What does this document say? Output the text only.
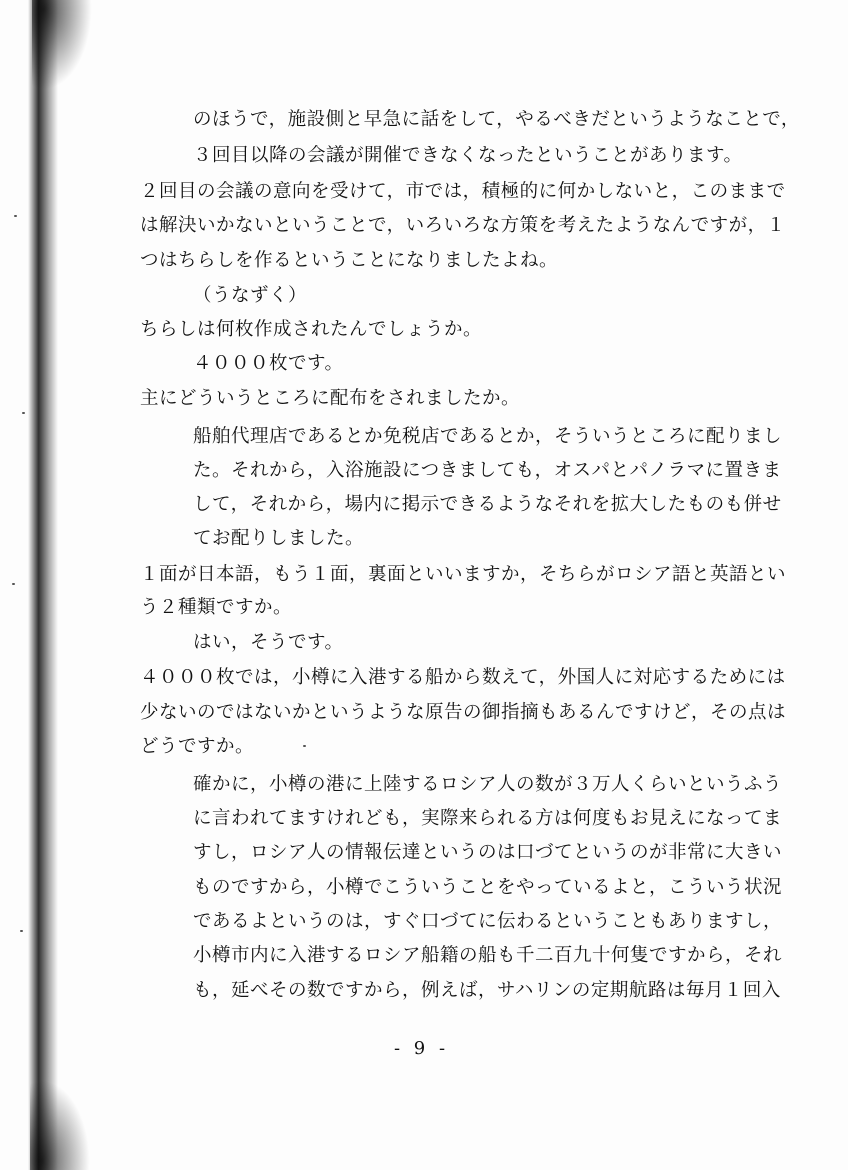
のほうで，施設側と早急に話をして，やるべきだというようなことで，
３回目以降の会議が開催できなくなったということがあります。
２回目の会議の意向を受けて，市では，積極的に何かしないと，このままで
は解決いかないということで，いろいろな方策を考えたようなんですが，１
つはちらしを作るということになりましたよね。
（うなずく）
ちらしは何枚作成されたんでしょうか。
４０００枚です。
主にどういうところに配布をされましたか。
船舶代理店であるとか免税店であるとか，そういうところに配りまし
た。それから，入浴施設につきましても，オスパとパノラマに置きま
して，それから，場内に掲示できるようなそれを拡大したものも併せ
てお配りしました。
１面が日本語，もう１面，裏面といいますか，そちらがロシア語と英語とい
う２種類ですか。
はい，そうです。
４０００枚では，小樽に入港する船から数えて，外国人に対応するためには
少ないのではないかというような原告の御指摘もあるんですけど，その点は
どうですか。
確かに，小樽の港に上陸するロシア人の数が３万人くらいというふう
に言われてますけれども，実際来られる方は何度もお見えになってま
すし，ロシア人の情報伝達というのは口づてというのが非常に大きい
ものですから，小樽でこういうことをやっているよと，こういう状況
であるよというのは，すぐ口づてに伝わるということもありますし，
小樽市内に入港するロシア船籍の船も千二百九十何隻ですから，それ
も，延べその数ですから，例えば，サハリンの定期航路は毎月１回入
- 9 -
